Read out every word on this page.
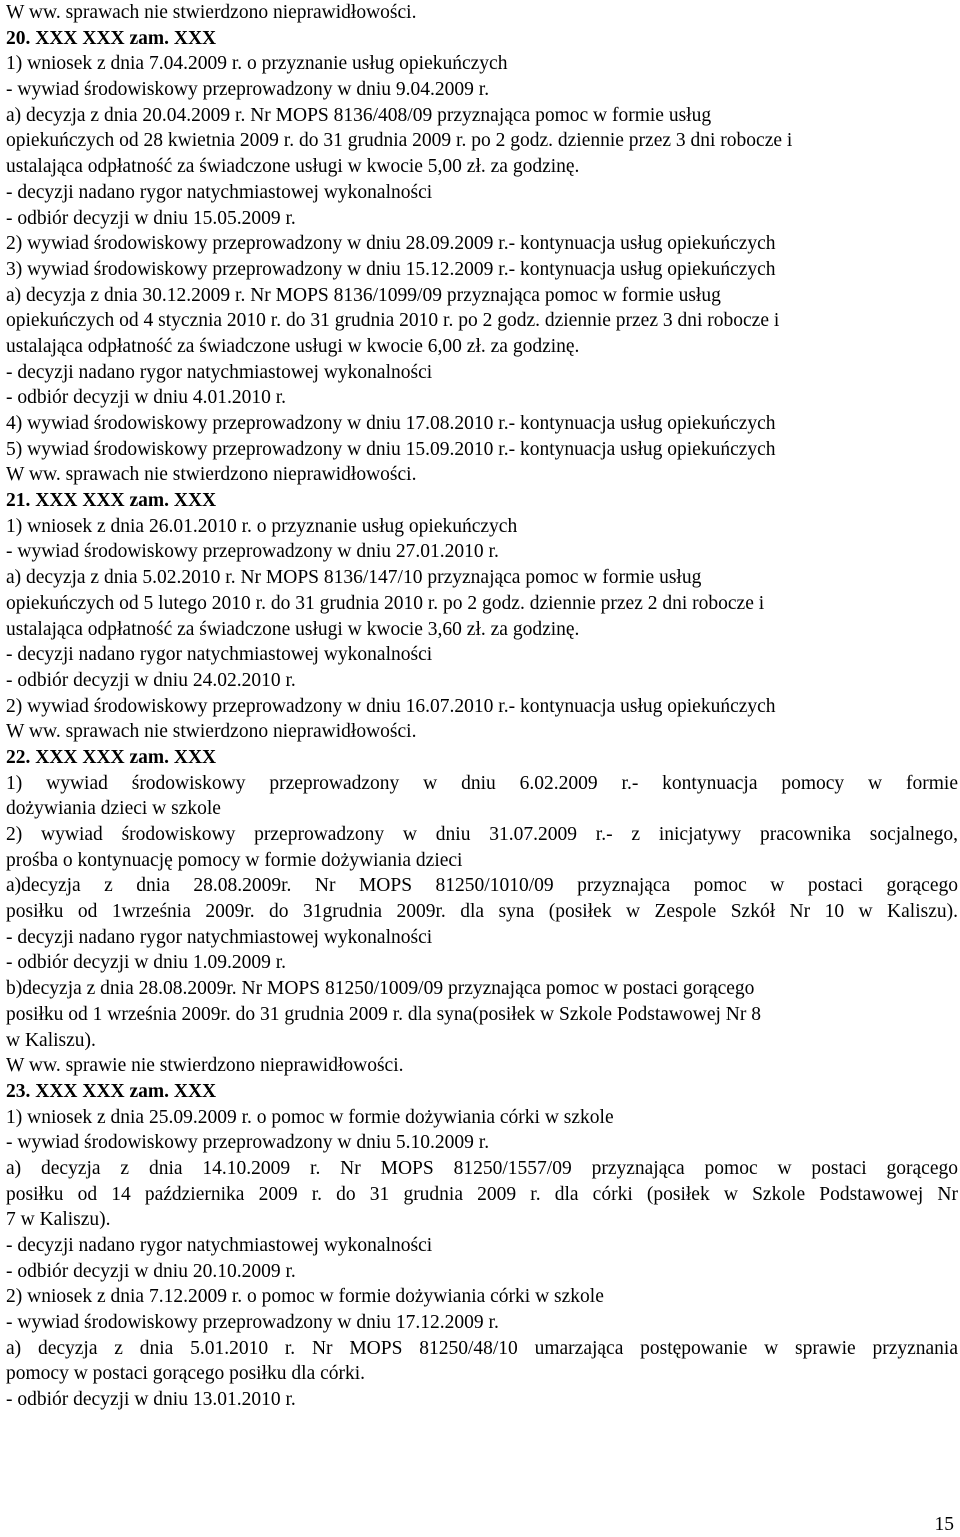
W ww. sprawach nie stwierdzono nieprawidłowości.
20. XXX XXX zam. XXX
1) wniosek z dnia 7.04.2009 r. o przyznanie usług opiekuńczych
- wywiad środowiskowy przeprowadzony w dniu 9.04.2009 r.
a) decyzja z dnia 20.04.2009 r. Nr MOPS 8136/408/09 przyznająca pomoc w formie usług
opiekuńczych od 28 kwietnia 2009 r. do 31 grudnia 2009 r. po 2 godz. dziennie przez 3 dni robocze i
ustalająca odpłatność za świadczone usługi w kwocie 5,00 zł. za godzinę.
- decyzji nadano rygor natychmiastowej wykonalności
- odbiór decyzji w dniu 15.05.2009 r.
2) wywiad środowiskowy przeprowadzony w dniu 28.09.2009 r.- kontynuacja usług opiekuńczych
3) wywiad środowiskowy przeprowadzony w dniu 15.12.2009 r.- kontynuacja usług opiekuńczych
a) decyzja z dnia 30.12.2009 r. Nr MOPS 8136/1099/09 przyznająca pomoc w formie usług
opiekuńczych od 4 stycznia 2010 r. do 31 grudnia 2010 r. po 2 godz. dziennie przez 3 dni robocze i
ustalająca odpłatność za świadczone usługi w kwocie 6,00 zł. za godzinę.
- decyzji nadano rygor natychmiastowej wykonalności
- odbiór decyzji w dniu 4.01.2010 r.
4) wywiad środowiskowy przeprowadzony w dniu 17.08.2010 r.- kontynuacja usług opiekuńczych
5) wywiad środowiskowy przeprowadzony w dniu 15.09.2010 r.- kontynuacja usług opiekuńczych
W ww. sprawach nie stwierdzono nieprawidłowości.
21. XXX XXX zam. XXX
1) wniosek z dnia 26.01.2010 r. o przyznanie usług opiekuńczych
- wywiad środowiskowy przeprowadzony w dniu 27.01.2010 r.
a) decyzja z dnia 5.02.2010 r. Nr MOPS 8136/147/10 przyznająca pomoc w formie usług
opiekuńczych od 5 lutego 2010 r. do 31 grudnia 2010 r. po 2 godz. dziennie przez 2 dni robocze i
ustalająca odpłatność za świadczone usługi w kwocie 3,60 zł. za godzinę.
- decyzji nadano rygor natychmiastowej wykonalności
- odbiór decyzji w dniu 24.02.2010 r.
2) wywiad środowiskowy przeprowadzony w dniu 16.07.2010 r.- kontynuacja usług opiekuńczych
W ww. sprawach nie stwierdzono nieprawidłowości.
22. XXX XXX zam. XXX
1) wywiad środowiskowy przeprowadzony w dniu 6.02.2009 r.- kontynuacja pomocy w formie
dożywiania dzieci w szkole
2) wywiad środowiskowy przeprowadzony w dniu 31.07.2009 r.- z inicjatywy pracownika socjalnego,
prośba o kontynuację pomocy w formie dożywiania dzieci
a)decyzja z dnia 28.08.2009r. Nr MOPS 81250/1010/09 przyznająca pomoc w postaci gorącego
posiłku od 1września 2009r. do 31grudnia 2009r. dla syna (posiłek w Zespole Szkół Nr 10 w Kaliszu).
- decyzji nadano rygor natychmiastowej wykonalności
- odbiór decyzji w dniu 1.09.2009 r.
b)decyzja z dnia 28.08.2009r. Nr MOPS 81250/1009/09 przyznająca pomoc w postaci gorącego
posiłku od 1 września 2009r. do 31 grudnia 2009 r. dla syna(posiłek w Szkole Podstawowej Nr 8
w Kaliszu).
W ww. sprawie nie stwierdzono nieprawidłowości.
23. XXX XXX zam. XXX
1) wniosek z dnia 25.09.2009 r. o pomoc w formie dożywiania córki w szkole
- wywiad środowiskowy przeprowadzony w dniu 5.10.2009 r.
a) decyzja z dnia 14.10.2009 r. Nr MOPS 81250/1557/09 przyznająca pomoc w postaci gorącego
posiłku od 14 października 2009 r. do 31 grudnia 2009 r. dla córki (posiłek w Szkole Podstawowej Nr
7 w Kaliszu).
- decyzji nadano rygor natychmiastowej wykonalności
- odbiór decyzji w dniu 20.10.2009 r.
2) wniosek z dnia 7.12.2009 r. o pomoc w formie dożywiania córki w szkole
- wywiad środowiskowy przeprowadzony w dniu 17.12.2009 r.
a) decyzja z dnia 5.01.2010 r. Nr MOPS 81250/48/10 umarzająca postępowanie w sprawie przyznania
pomocy w postaci gorącego posiłku dla córki.
- odbiór decyzji w dniu 13.01.2010 r.
15
